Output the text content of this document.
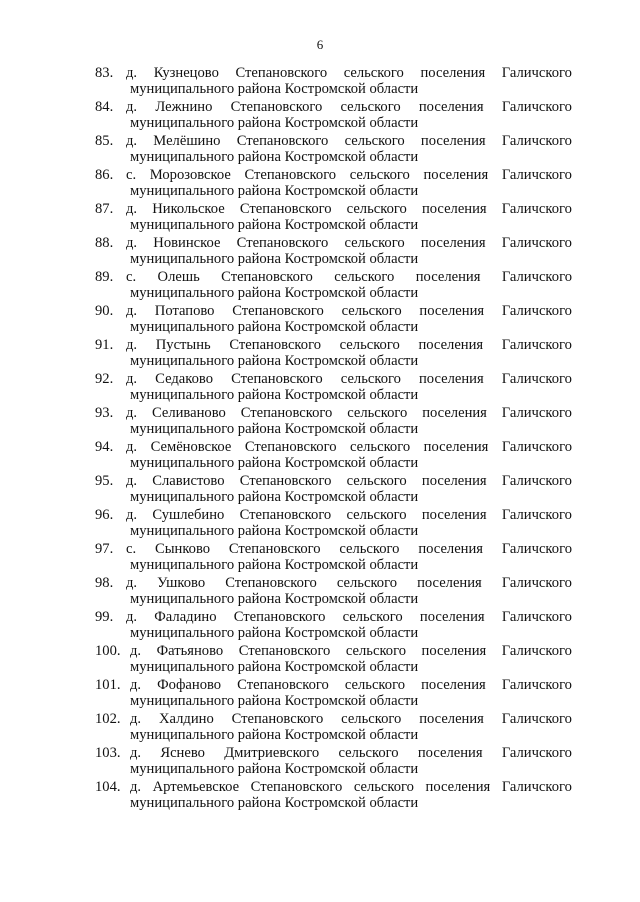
6
83. д. Кузнецово Степановского сельского поселения Галичского
муниципального района Костромской области
84. д. Лежнино Степановского сельского поселения Галичского
муниципального района Костромской области
85. д. Мелёшино Степановского сельского поселения Галичского
муниципального района Костромской области
86. с. Морозовское Степановского сельского поселения Галичского
муниципального района Костромской области
87. д. Никольское Степановского сельского поселения Галичского
муниципального района Костромской области
88. д. Новинское Степановского сельского поселения Галичского
муниципального района Костромской области
89. с. Олешь Степановского сельского поселения Галичского
муниципального района Костромской области
90. д. Потапово Степановского сельского поселения Галичского
муниципального района Костромской области
91. д. Пустынь Степановского сельского поселения Галичского
муниципального района Костромской области
92. д. Седаково Степановского сельского поселения Галичского
муниципального района Костромской области
93. д. Селиваново Степановского сельского поселения Галичского
муниципального района Костромской области
94. д. Семёновское Степановского сельского поселения Галичского
муниципального района Костромской области
95. д. Славистово Степановского сельского поселения Галичского
муниципального района Костромской области
96. д. Сушлебино Степановского сельского поселения Галичского
муниципального района Костромской области
97. с. Сынково Степановского сельского поселения Галичского
муниципального района Костромской области
98. д. Ушково Степановского сельского поселения Галичского
муниципального района Костромской области
99. д. Фаладино Степановского сельского поселения Галичского
муниципального района Костромской области
100. д. Фатьяново Степановского сельского поселения Галичского
муниципального района Костромской области
101. д. Фофаново Степановского сельского поселения Галичского
муниципального района Костромской области
102. д. Халдино Степановского сельского поселения Галичского
муниципального района Костромской области
103. д. Яснево Дмитриевского сельского поселения Галичского
муниципального района Костромской области
104. д. Артемьевское Степановского сельского поселения Галичского
муниципального района Костромской области
